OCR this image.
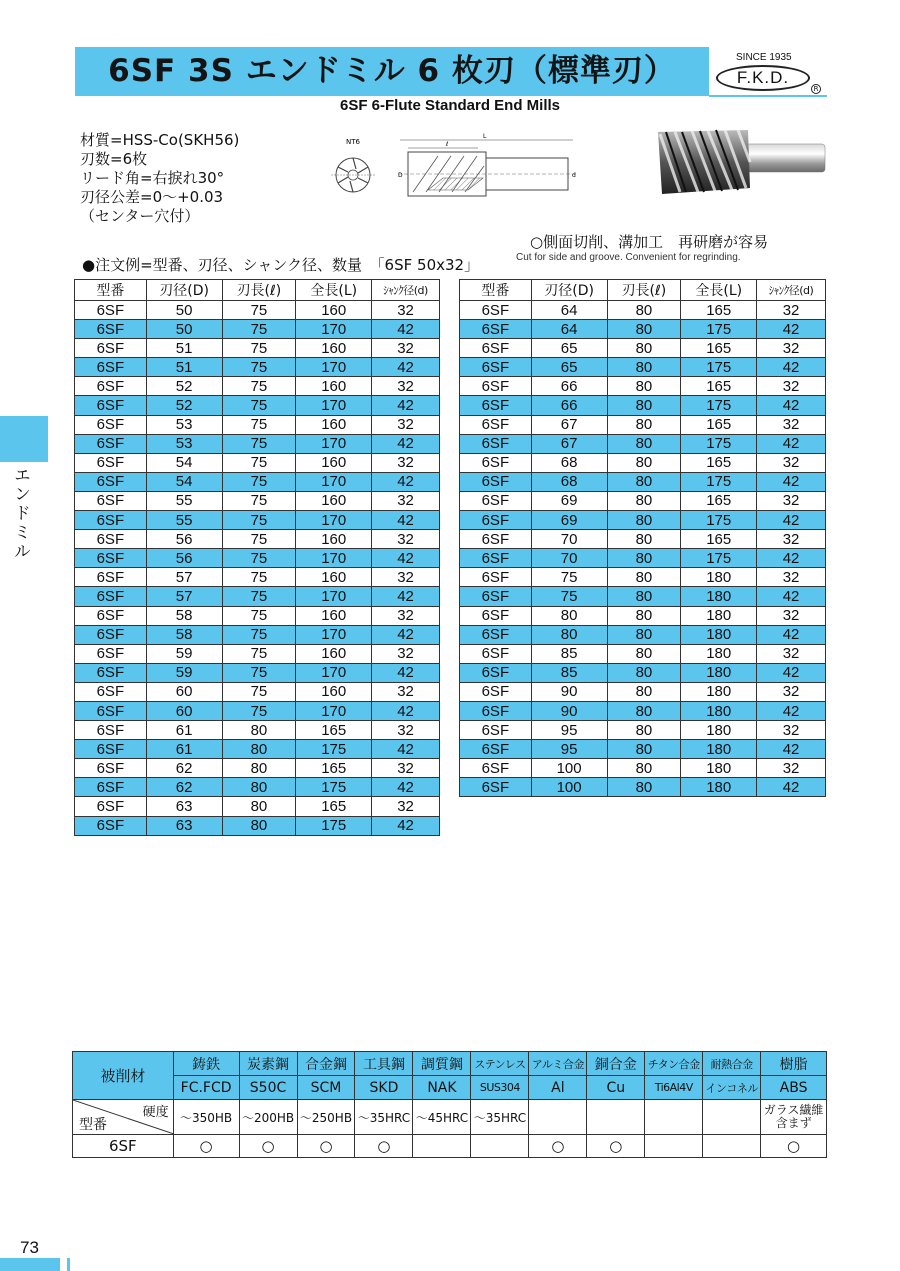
6SF 3S エンドミル 6 枚刃（標準刃）	SINCE 1935
F.K.D.
R
6SF 6-Flute Standard End Mills
材質=HSS-Co(SKH56)
刃数=6枚
リード角=右捩れ30°
刃径公差=0～+0.03
（センター穴付）
NT6
L
ℓ
D	d
○側面切削、溝加工　再研磨が容易
Cut for side and groove. Convenient for regrinding.
●注文例=型番、刃径、シャンク径、数量　「6SF 50x32」
型番	刃径(D)	刃長(ℓ)	全長(L)	ｼｬﾝｸ径(d)
6SF	50	75	160	32
6SF	50	75	170	42
6SF	51	75	160	32
6SF	51	75	170	42
6SF	52	75	160	32
6SF	52	75	170	42
6SF	53	75	160	32
6SF	53	75	170	42
6SF	54	75	160	32
6SF	54	75	170	42
6SF	55	75	160	32
6SF	55	75	170	42
6SF	56	75	160	32
6SF	56	75	170	42
6SF	57	75	160	32
6SF	57	75	170	42
6SF	58	75	160	32
6SF	58	75	170	42
6SF	59	75	160	32
6SF	59	75	170	42
6SF	60	75	160	32
6SF	60	75	170	42
6SF	61	80	165	32
6SF	61	80	175	42
6SF	62	80	165	32
6SF	62	80	175	42
6SF	63	80	165	32
6SF	63	80	175	42
型番	刃径(D)	刃長(ℓ)	全長(L)	ｼｬﾝｸ径(d)
6SF	64	80	165	32
6SF	64	80	175	42
6SF	65	80	165	32
6SF	65	80	175	42
6SF	66	80	165	32
6SF	66	80	175	42
6SF	67	80	165	32
6SF	67	80	175	42
6SF	68	80	165	32
6SF	68	80	175	42
6SF	69	80	165	32
6SF	69	80	175	42
6SF	70	80	165	32
6SF	70	80	175	42
6SF	75	80	180	32
6SF	75	80	180	42
6SF	80	80	180	32
6SF	80	80	180	42
6SF	85	80	180	32
6SF	85	80	180	42
6SF	90	80	180	32
6SF	90	80	180	42
6SF	95	80	180	32
6SF	95	80	180	42
6SF	100	80	180	32
6SF	100	80	180	42
エンドミル
被削材	鋳鉄	炭素鋼	合金鋼	工具鋼	調質鋼	ステンレス	アルミ合金	銅合金	チタン合金	耐熱合金	樹脂
	FC.FCD	S50C	SCM	SKD	NAK	SUS304	Al	Cu	Ti6Al4V	インコネル	ABS

硬度
型番	～350HB	～200HB	～250HB	～35HRC	～45HRC	～35HRC					ガラス繊維含まず
6SF	○	○	○	○			○	○			○
73
